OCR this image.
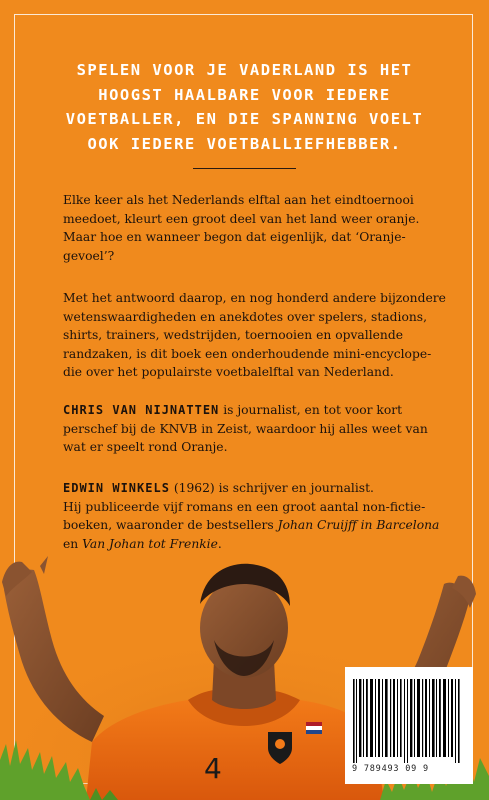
SPELEN VOOR JE VADERLAND IS HET
HOOGST HAALBARE VOOR IEDERE
VOETBALLER, EN DIE SPANNING VOELT
OOK IEDERE VOETBALLIEFHEBBER.
Elke keer als het Nederlands elftal aan het eindtoernooi
meedoet, kleurt een groot deel van het land weer oranje.
Maar hoe en wanneer begon dat eigenlijk, dat ‘Oranje-
gevoel’?
Met het antwoord daarop, en nog honderd andere bijzondere
wetenswaardigheden en anekdotes over spelers, stadions,
shirts, trainers, wedstrijden, toernooien en opvallende
randzaken, is dit boek een onderhoudende mini-encyclope-
die over het populairste voetbalelftal van Nederland.
CHRIS VAN NIJNATTEN is journalist, en tot voor kort
perschef bij de KNVB in Zeist, waardoor hij alles weet van
wat er speelt rond Oranje.
EDWIN WINKELS (1962) is schrijver en journalist.
Hij publiceerde vijf romans en een groot aantal non-fictie-
boeken, waaronder de bestsellers Johan Cruijff in Barcelona
en Van Johan tot Frenkie.
4	9 789493 09 9
